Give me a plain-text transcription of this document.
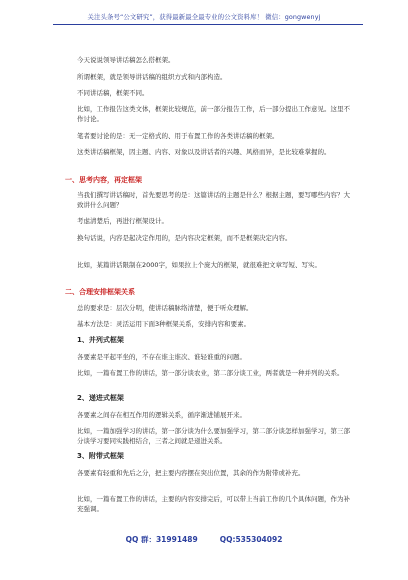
关注头条号“公文研究”，获得最新最全最专业的公文资料库！ 微信：gongwenyj
今天说说领导讲话稿怎么搭框架。
所谓框架，就是领导讲话稿的组织方式和内部构造。
不同讲话稿，框架不同。
比如，工作报告这类文体，框架比较规范，前一部分报告工作，后一部分提出工作意见。这里不作讨论。
笔者要讨论的是：无一定格式的、用于布置工作的各类讲话稿的框架。
这类讲话稿框架，因主题、内容、对象以及讲话者的兴趣、风格而异，是比较难掌握的。
一、思考内容，再定框架
当我们撰写讲话稿时，首先要思考的是：这篇讲话的主题是什么？根据主题，要写哪些内容？大致讲什么问题？
考虑清楚后，再进行框架设计。
换句话说，内容是起决定作用的，是内容决定框架，而不是框架决定内容。
比如，某篇讲话限制在2000字，如果拉上个庞大的框架，就很难把文章写短、写实。
二、合理安排框架关系
总的要求是：层次分明，使讲话稿脉络清楚，便于听众理解。
基本方法是：灵活运用下面3种框架关系，安排内容和要素。
1、并列式框架
各要素是平起平坐的，不存在谁主谁次、谁轻谁重的问题。
比如，一篇布置工作的讲话，第一部分谈农业，第二部分谈工业，两者就是一种并列的关系。
2、递进式框架
各要素之间存在相互作用的逻辑关系，循序渐进铺展开来。
比如，一篇加强学习的讲话，第一部分谈为什么要加强学习，第二部分谈怎样加强学习，第三部分谈学习要同实践相结合，三者之间就是递进关系。
3、附带式框架
各要素有轻重和先后之分，把主要内容摆在突出位置，其余的作为附带或补充。
比如，一篇布置工作的讲话，主要的内容安排完后，可以带上当前工作的几个具体问题，作为补充强调。
QQ 群：31991489	QQ:535304092
